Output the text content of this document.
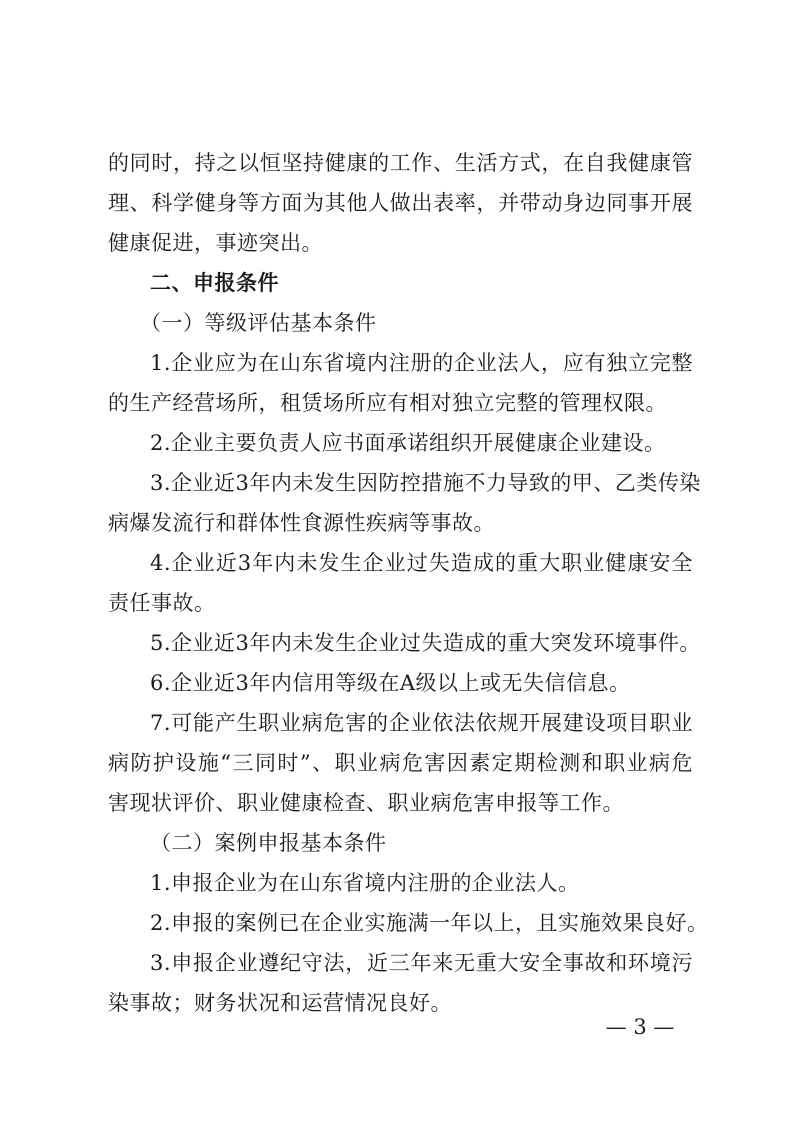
的同时，持之以恒坚持健康的工作、生活方式，在自我健康管
理、科学健身等方面为其他人做出表率，并带动身边同事开展
健康促进，事迹突出。
二、申报条件
（一）等级评估基本条件
1.企业应为在山东省境内注册的企业法人，应有独立完整
的生产经营场所，租赁场所应有相对独立完整的管理权限。
2.企业主要负责人应书面承诺组织开展健康企业建设。
3.企业近3年内未发生因防控措施不力导致的甲、乙类传染
病爆发流行和群体性食源性疾病等事故。
4.企业近3年内未发生企业过失造成的重大职业健康安全
责任事故。
5.企业近3年内未发生企业过失造成的重大突发环境事件。
6.企业近3年内信用等级在A级以上或无失信信息。
7.可能产生职业病危害的企业依法依规开展建设项目职业
病防护设施“三同时”、职业病危害因素定期检测和职业病危
害现状评价、职业健康检查、职业病危害申报等工作。
（二）案例申报基本条件
1.申报企业为在山东省境内注册的企业法人。
2.申报的案例已在企业实施满一年以上，且实施效果良好。
3.申报企业遵纪守法，近三年来无重大安全事故和环境污
染事故；财务状况和运营情况良好。
— 3 —
